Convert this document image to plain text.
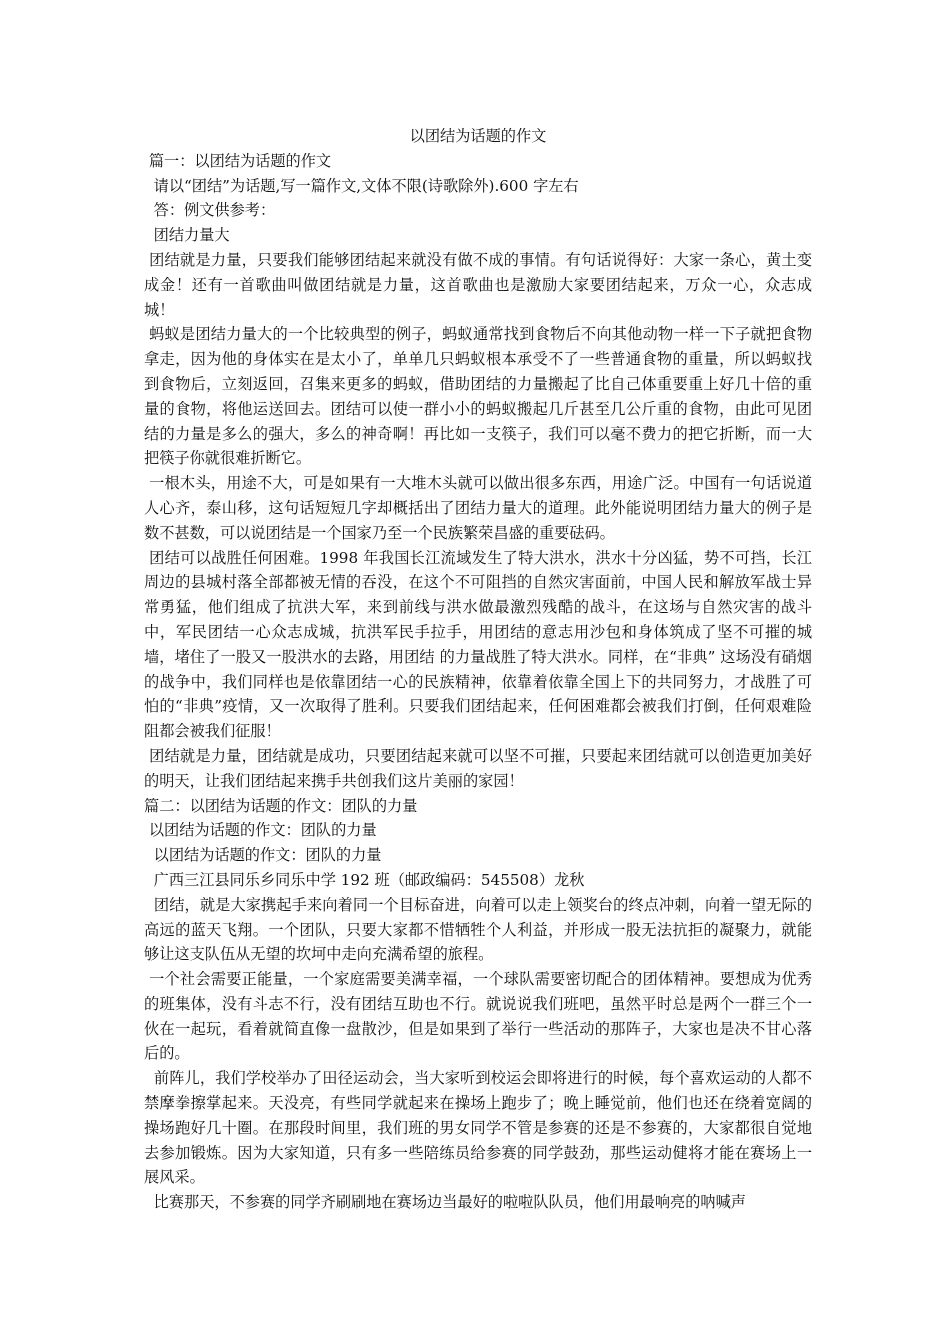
以团结为话题的作文

篇一：以团结为话题的作文

请以“团结”为话题,写一篇作文,文体不限(诗歌除外).600 字左右

答：例文供参考：

团结力量大

团结就是力量，只要我们能够团结起来就没有做不成的事情。有句话说得好：大家一条心，黄土变成金！还有一首歌曲叫做团结就是力量，这首歌曲也是激励大家要团结起来，万众一心，众志成城！

蚂蚁是团结力量大的一个比较典型的例子，蚂蚁通常找到食物后不向其他动物一样一下子就把食物拿走，因为他的身体实在是太小了，单单几只蚂蚁根本承受不了一些普通食物的重量，所以蚂蚁找到食物后，立刻返回，召集来更多的蚂蚁，借助团结的力量搬起了比自己体重要重上好几十倍的重量的食物，将他运送回去。团结可以使一群小小的蚂蚁搬起几斤甚至几公斤重的食物，由此可见团结的力量是多么的强大，多么的神奇啊！再比如一支筷子，我们可以毫不费力的把它折断，而一大把筷子你就很难折断它。

一根木头，用途不大，可是如果有一大堆木头就可以做出很多东西，用途广泛。中国有一句话说道人心齐，泰山移，这句话短短几字却概括出了团结力量大的道理。此外能说明团结力量大的例子是数不甚数，可以说团结是一个国家乃至一个民族繁荣昌盛的重要砝码。

团结可以战胜任何困难。1998 年我国长江流域发生了特大洪水，洪水十分凶猛，势不可挡，长江周边的县城村落全部都被无情的吞没，在这个不可阻挡的自然灾害面前，中国人民和解放军战士异常勇猛，他们组成了抗洪大军，来到前线与洪水做最激烈残酷的战斗，在这场与自然灾害的战斗中，军民团结一心众志成城，抗洪军民手拉手，用团结的意志用沙包和身体筑成了坚不可摧的城墙，堵住了一股又一股洪水的去路，用团结 的力量战胜了特大洪水。同样，在“非典” 这场没有硝烟的战争中，我们同样也是依靠团结一心的民族精神，依靠着依靠全国上下的共同努力，才战胜了可怕的“非典”疫情，又一次取得了胜利。只要我们团结起来，任何困难都会被我们打倒，任何艰难险阻都会被我们征服！

团结就是力量，团结就是成功，只要团结起来就可以坚不可摧，只要起来团结就可以创造更加美好的明天，让我们团结起来携手共创我们这片美丽的家园！

篇二：以团结为话题的作文：团队的力量

以团结为话题的作文：团队的力量

以团结为话题的作文：团队的力量

广西三江县同乐乡同乐中学 192 班（邮政编码：545508）龙秋

团结，就是大家携起手来向着同一个目标奋进，向着可以走上领奖台的终点冲刺，向着一望无际的高远的蓝天飞翔。一个团队，只要大家都不惜牺牲个人利益，并形成一股无法抗拒的凝聚力，就能够让这支队伍从无望的坎坷中走向充满希望的旅程。

一个社会需要正能量，一个家庭需要美满幸福，一个球队需要密切配合的团体精神。要想成为优秀的班集体，没有斗志不行，没有团结互助也不行。就说说我们班吧，虽然平时总是两个一群三个一伙在一起玩，看着就简直像一盘散沙，但是如果到了举行一些活动的那阵子，大家也是决不甘心落后的。

前阵儿，我们学校举办了田径运动会，当大家听到校运会即将进行的时候，每个喜欢运动的人都不禁摩拳擦掌起来。天没亮，有些同学就起来在操场上跑步了；晚上睡觉前，他们也还在绕着宽阔的操场跑好几十圈。在那段时间里，我们班的男女同学不管是参赛的还是不参赛的，大家都很自觉地去参加锻炼。因为大家知道，只有多一些陪练员给参赛的同学鼓劲，那些运动健将才能在赛场上一展风采。

比赛那天，不参赛的同学齐刷刷地在赛场边当最好的啦啦队队员，他们用最响亮的呐喊声
